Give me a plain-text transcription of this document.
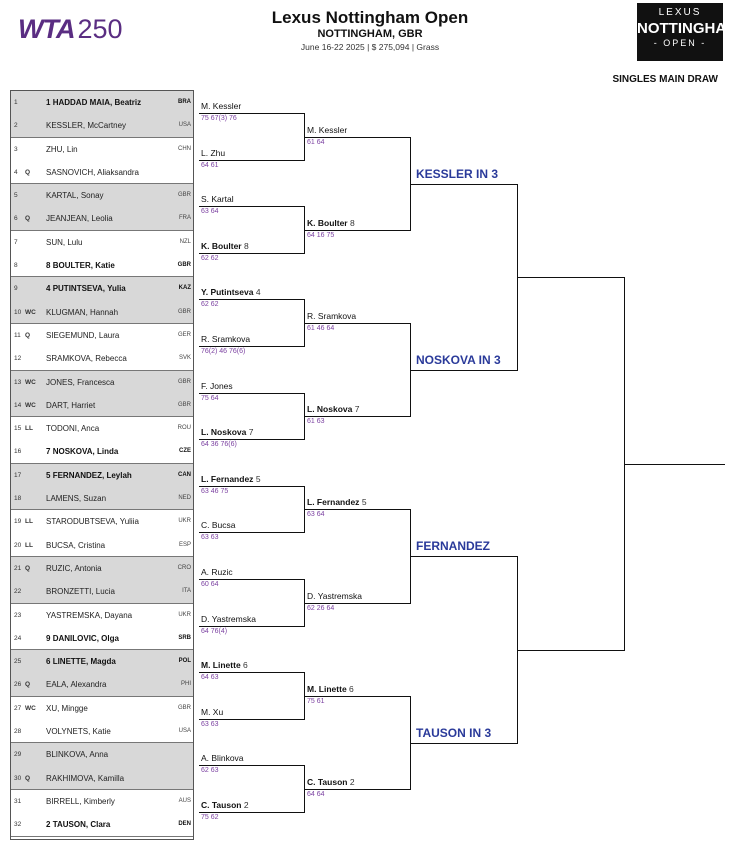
WTA 250	Lexus Nottingham Open
NOTTINGHAM, GBR
June 16-22 2025 | $ 275,094 | Grass
LEXUS
NOTTINGHAM
- OPEN -
SINGLES MAIN DRAW
1	1 HADDAD MAIA, Beatriz	BRA
2	KESSLER, McCartney	USA
3	ZHU, Lin	CHN
4	Q	SASNOVICH, Aliaksandra
5	KARTAL, Sonay	GBR
6	Q	JEANJEAN, Leolia	FRA
7	SUN, Lulu	NZL
8	8 BOULTER, Katie	GBR
9	4 PUTINTSEVA, Yulia	KAZ
10 WC	KLUGMAN, Hannah	GBR
11 Q	SIEGEMUND, Laura	GER
12	SRAMKOVA, Rebecca	SVK
13 WC	JONES, Francesca	GBR
14 WC	DART, Harriet	GBR
15 LL	TODONI, Anca	ROU
16	7 NOSKOVA, Linda	CZE
17	5 FERNANDEZ, Leylah	CAN
18	LAMENS, Suzan	NED
19 LL	STARODUBTSEVA, Yuliia	UKR
20 LL	BUCSA, Cristina	ESP
21 Q	RUZIC, Antonia	CRO
22	BRONZETTI, Lucia	ITA
23	YASTREMSKA, Dayana	UKR
24	9 DANILOVIC, Olga	SRB
25	6 LINETTE, Magda	POL
26 Q	EALA, Alexandra	PHI
27 WC	XU, Mingge	GBR
28	VOLYNETS, Katie	USA
29	BLINKOVA, Anna
30 Q	RAKHIMOVA, Kamilla
31	BIRRELL, Kimberly	AUS
32	2 TAUSON, Clara	DEN
M. Kessler
75 67(3) 76
L. Zhu
64 61
S. Kartal
63 64
K. Boulter 8
62 62
Y. Putintseva 4
62 62
R. Sramkova
76(2) 46 76(6)
F. Jones
75 64
L. Noskova 7
64 36 76(6)
L. Fernandez 5
63 46 75
C. Bucsa
63 63
A. Ruzic
60 64
D. Yastremska
64 76(4)
M. Linette 6
64 63
M. Xu
63 63
A. Blinkova
62 63
C. Tauson 2
75 62
M. Kessler
61 64
K. Boulter 8
64 16 75
R. Sramkova
61 46 64
L. Noskova 7
61 63
L. Fernandez 5
63 64
D. Yastremska
62 26 64
M. Linette 6
75 61
C. Tauson 2
64 64
KESSLER IN 3
NOSKOVA IN 3
FERNANDEZ
TAUSON IN 3
